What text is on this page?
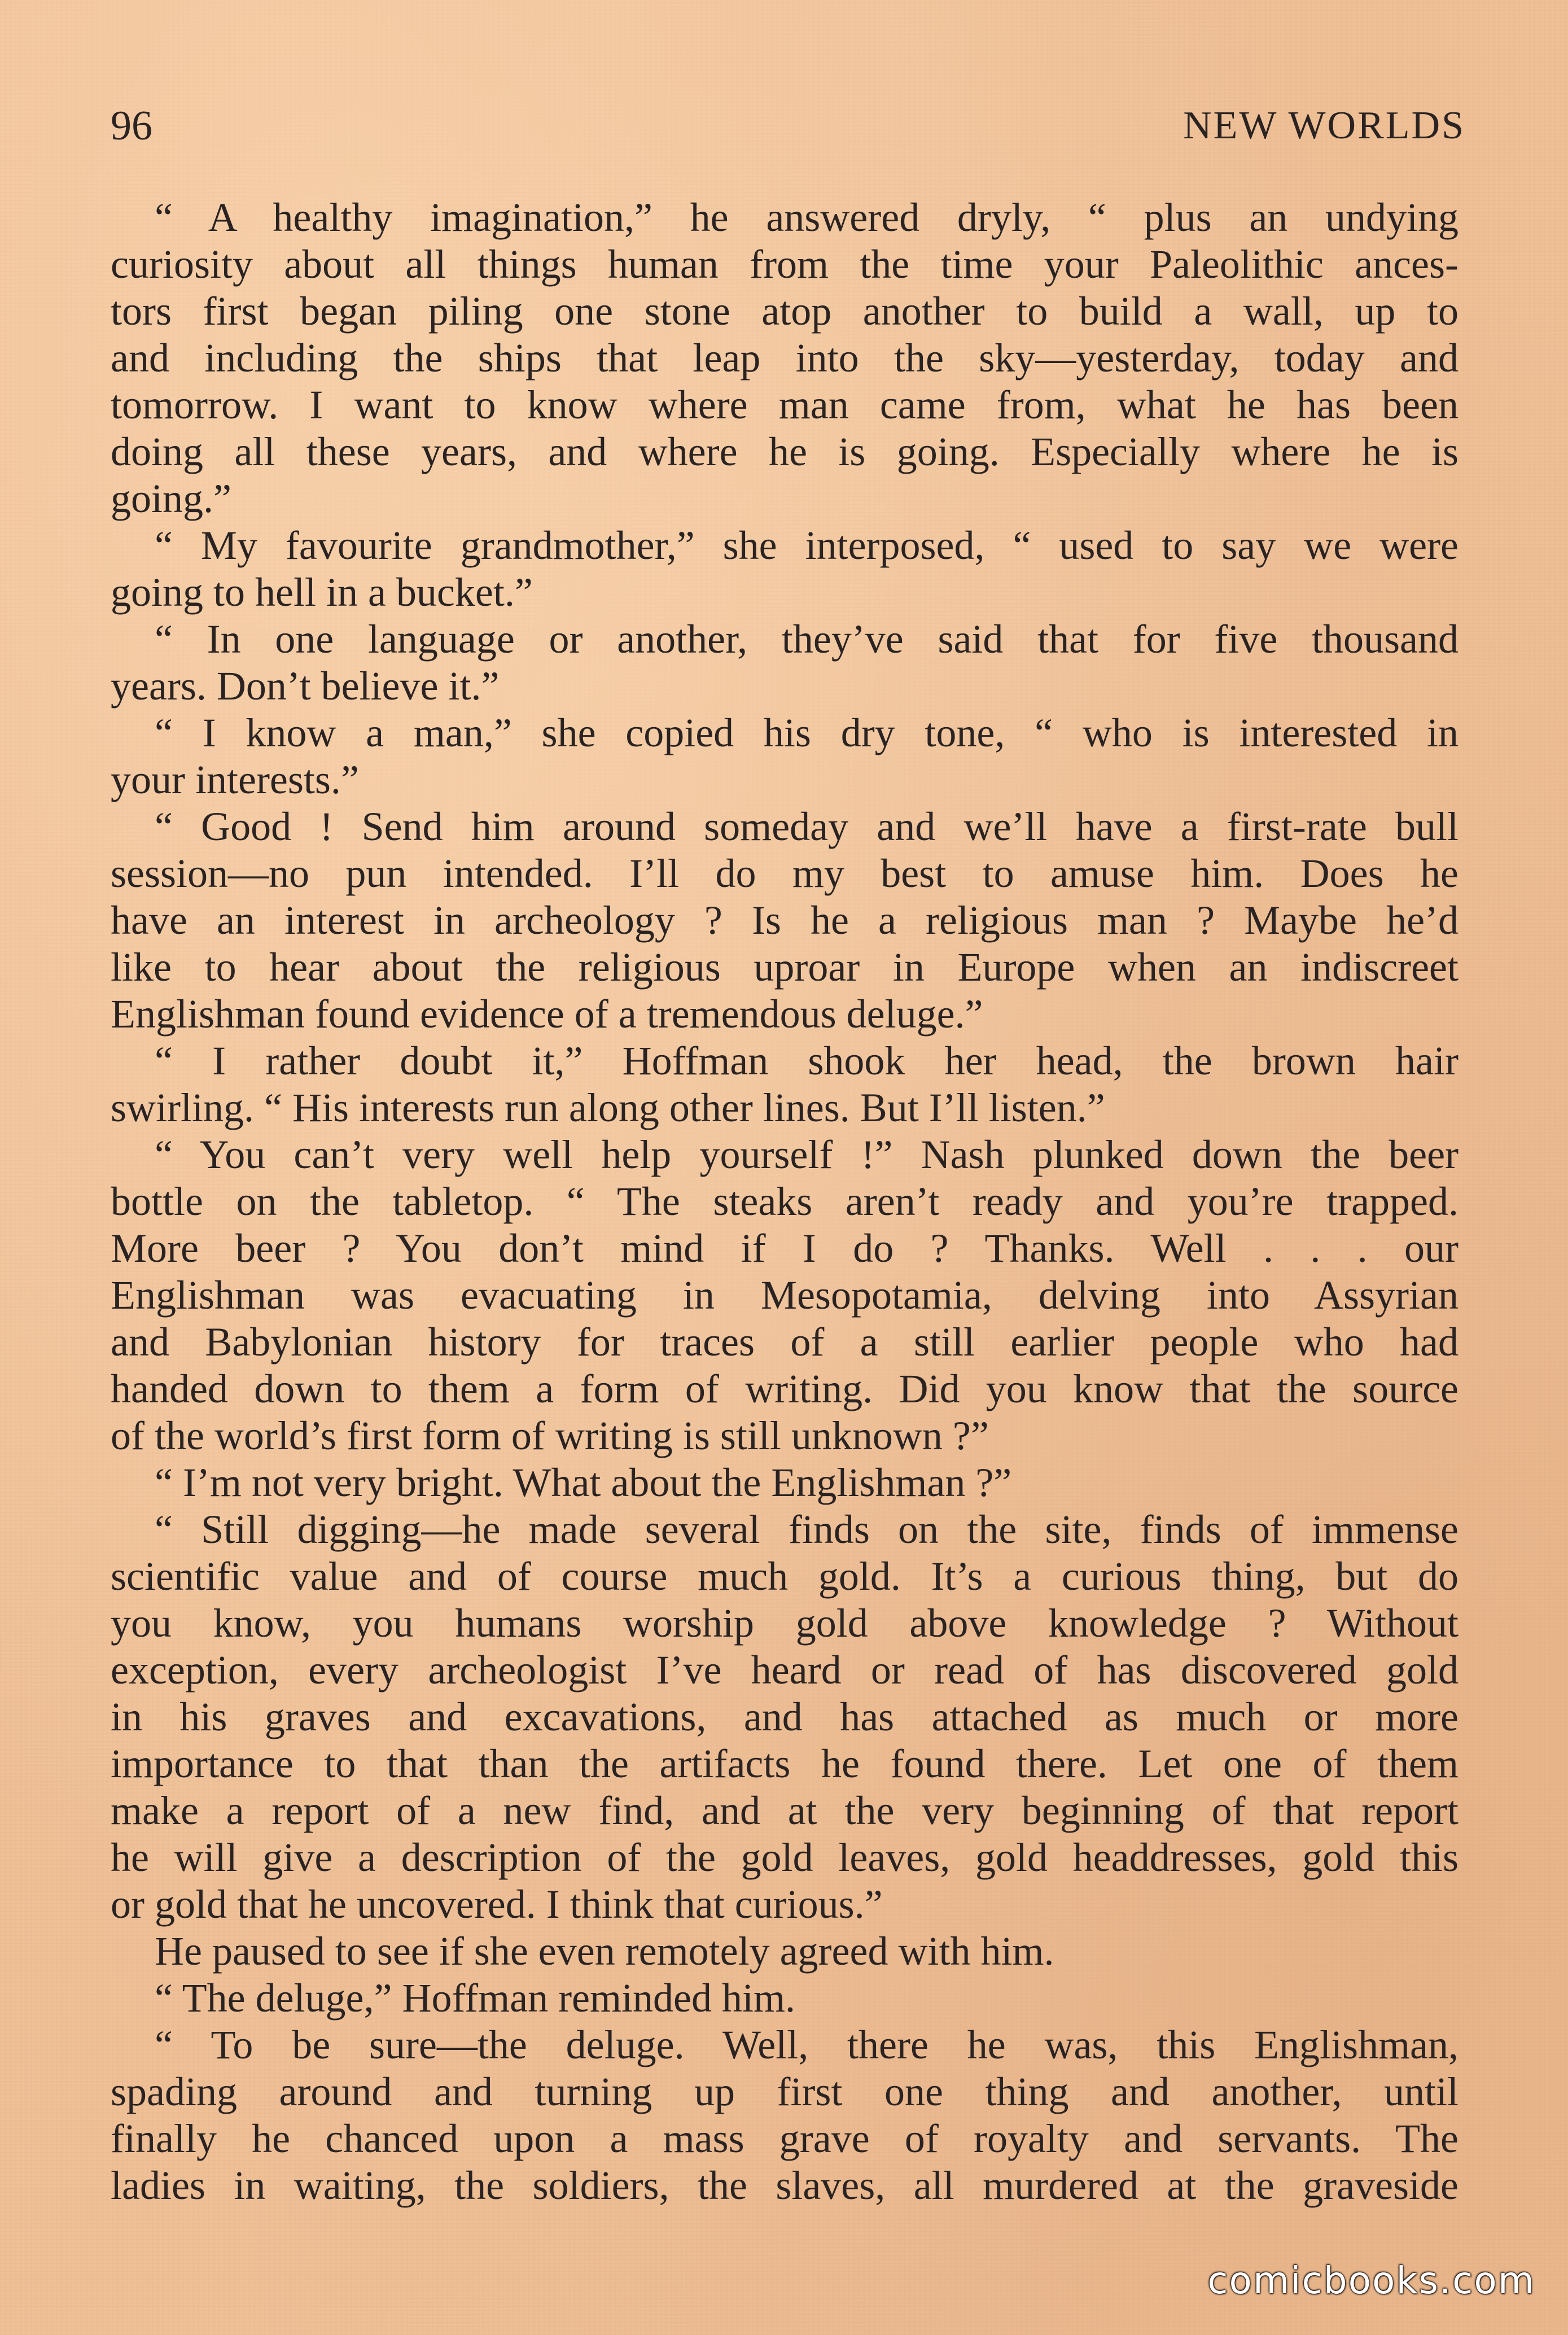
96	NEW WORLDS
“ A healthy imagination,” he answered dryly, “ plus an undying
curiosity about all things human from the time your Paleolithic ances-
tors first began piling one stone atop another to build a wall, up to
and including the ships that leap into the sky—yesterday, today and
tomorrow. I want to know where man came from, what he has been
doing all these years, and where he is going. Especially where he is
going.”
“ My favourite grandmother,” she interposed, “ used to say we were
going to hell in a bucket.”
“ In one language or another, they’ve said that for five thousand
years. Don’t believe it.”
“ I know a man,” she copied his dry tone, “ who is interested in
your interests.”
“ Good ! Send him around someday and we’ll have a first-rate bull
session—no pun intended. I’ll do my best to amuse him. Does he
have an interest in archeology ? Is he a religious man ? Maybe he’d
like to hear about the religious uproar in Europe when an indiscreet
Englishman found evidence of a tremendous deluge.”
“ I rather doubt it,” Hoffman shook her head, the brown hair
swirling. “ His interests run along other lines. But I’ll listen.”
“ You can’t very well help yourself !” Nash plunked down the beer
bottle on the tabletop. “ The steaks aren’t ready and you’re trapped.
More beer ? You don’t mind if I do ? Thanks. Well . . . our
Englishman was evacuating in Mesopotamia, delving into Assyrian
and Babylonian history for traces of a still earlier people who had
handed down to them a form of writing. Did you know that the source
of the world’s first form of writing is still unknown ?”
“ I’m not very bright. What about the Englishman ?”
“ Still digging—he made several finds on the site, finds of immense
scientific value and of course much gold. It’s a curious thing, but do
you know, you humans worship gold above knowledge ? Without
exception, every archeologist I’ve heard or read of has discovered gold
in his graves and excavations, and has attached as much or more
importance to that than the artifacts he found there. Let one of them
make a report of a new find, and at the very beginning of that report
he will give a description of the gold leaves, gold headdresses, gold this
or gold that he uncovered. I think that curious.”
He paused to see if she even remotely agreed with him.
“ The deluge,” Hoffman reminded him.
“ To be sure—the deluge. Well, there he was, this Englishman,
spading around and turning up first one thing and another, until
finally he chanced upon a mass grave of royalty and servants. The
ladies in waiting, the soldiers, the slaves, all murdered at the graveside
comicbooks.com
